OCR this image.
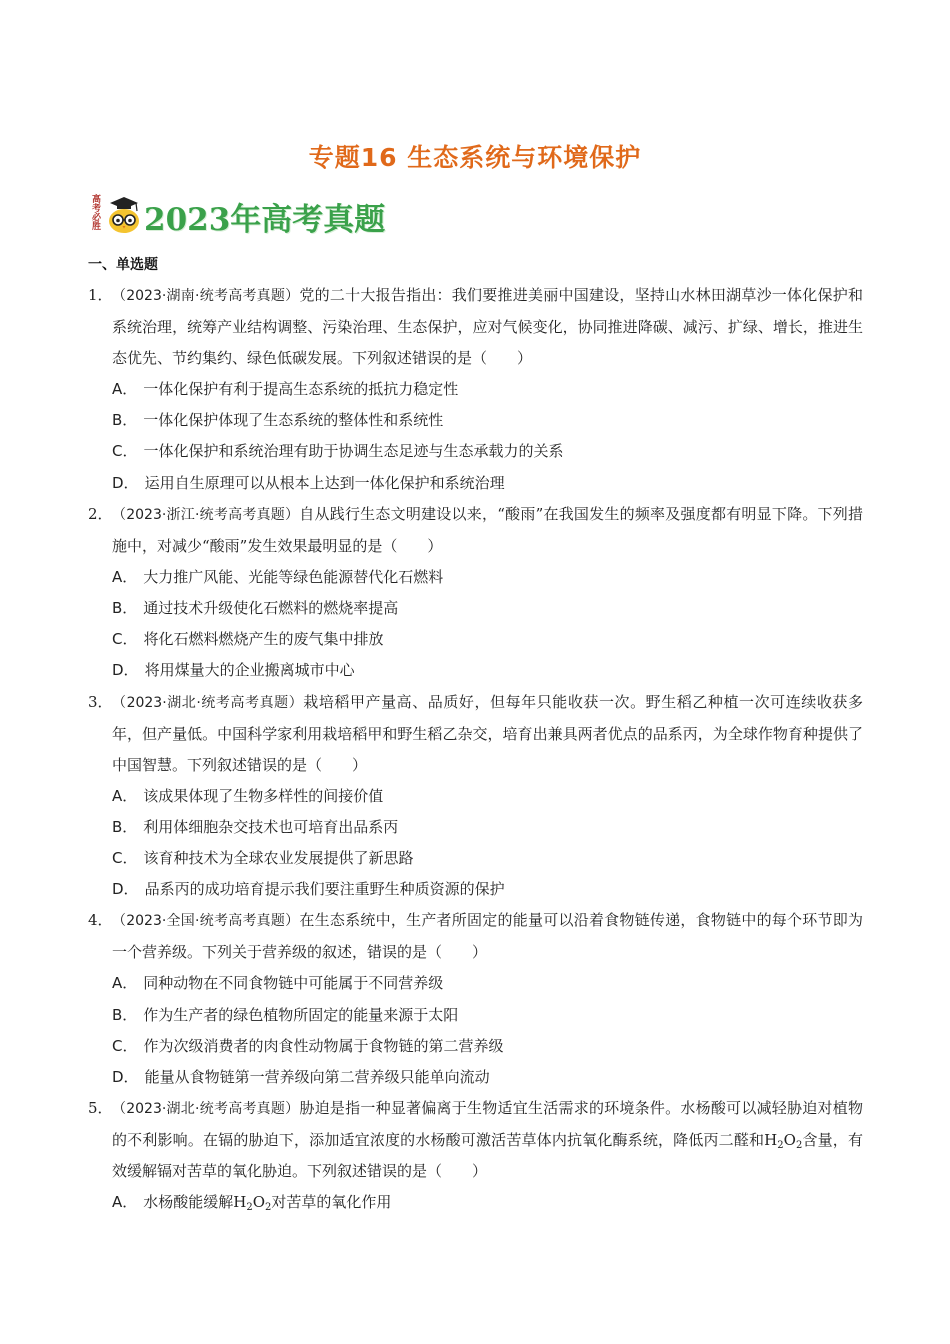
专题16 生态系统与环境保护
高考必胜 2023年高考真题
一、单选题
1． （2023·湖南·统考高考真题）党的二十大报告指出：我们要推进美丽中国建设，坚持山水林田湖草沙一体化保护和系统治理，统筹产业结构调整、污染治理、生态保护，应对气候变化，协同推进降碳、减污、扩绿、增长，推进生态优先、节约集约、绿色低碳发展。下列叙述错误的是（　　）
A． 一体化保护有利于提高生态系统的抵抗力稳定性
B． 一体化保护体现了生态系统的整体性和系统性
C． 一体化保护和系统治理有助于协调生态足迹与生态承载力的关系
D． 运用自生原理可以从根本上达到一体化保护和系统治理
2． （2023·浙江·统考高考真题）自从践行生态文明建设以来，“酸雨”在我国发生的频率及强度都有明显下降。下列措施中，对减少“酸雨”发生效果最明显的是（　　）
A． 大力推广风能、光能等绿色能源替代化石燃料
B． 通过技术升级使化石燃料的燃烧率提高
C． 将化石燃料燃烧产生的废气集中排放
D． 将用煤量大的企业搬离城市中心
3． （2023·湖北·统考高考真题）栽培稻甲产量高、品质好，但每年只能收获一次。野生稻乙种植一次可连续收获多年，但产量低。中国科学家利用栽培稻甲和野生稻乙杂交，培育出兼具两者优点的品系丙，为全球作物育种提供了中国智慧。下列叙述错误的是（　　）
A． 该成果体现了生物多样性的间接价值
B． 利用体细胞杂交技术也可培育出品系丙
C． 该育种技术为全球农业发展提供了新思路
D． 品系丙的成功培育提示我们要注重野生种质资源的保护
4． （2023·全国·统考高考真题）在生态系统中，生产者所固定的能量可以沿着食物链传递，食物链中的每个环节即为一个营养级。下列关于营养级的叙述，错误的是（　　）
A． 同种动物在不同食物链中可能属于不同营养级
B． 作为生产者的绿色植物所固定的能量来源于太阳
C． 作为次级消费者的肉食性动物属于食物链的第二营养级
D． 能量从食物链第一营养级向第二营养级只能单向流动
5． （2023·湖北·统考高考真题）胁迫是指一种显著偏离于生物适宜生活需求的环境条件。水杨酸可以减轻胁迫对植物的不利影响。在镉的胁迫下，添加适宜浓度的水杨酸可激活苦草体内抗氧化酶系统，降低丙二醛和$H_2O_2$含量，有效缓解镉对苦草的氧化胁迫。下列叙述错误的是（　　）
A． 水杨酸能缓解$H_2O_2$对苦草的氧化作用
